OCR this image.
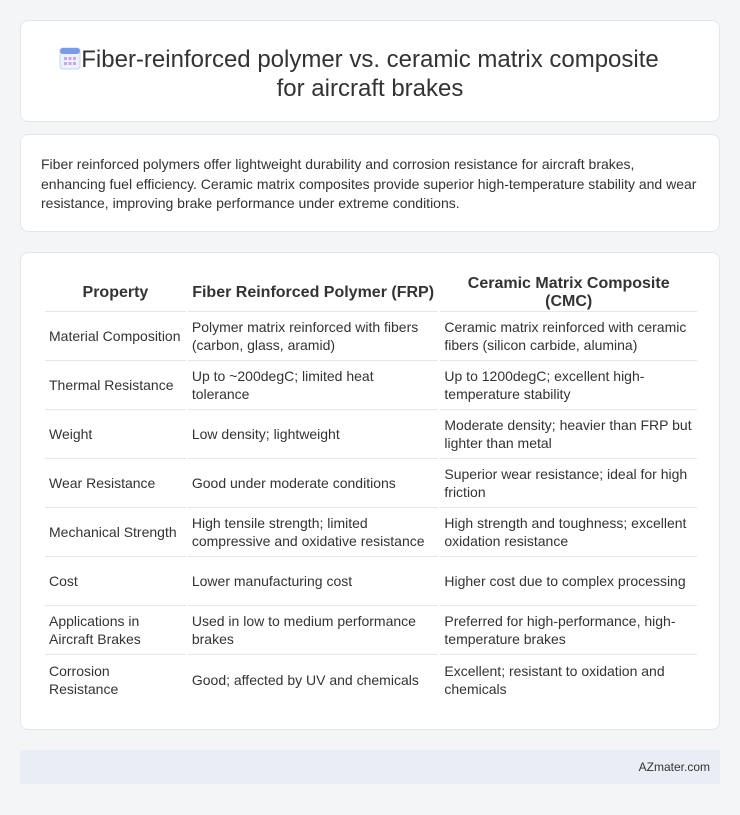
Fiber-reinforced polymer vs. ceramic matrix composite for aircraft brakes

Fiber reinforced polymers offer lightweight durability and corrosion resistance for aircraft brakes, enhancing fuel efficiency. Ceramic matrix composites provide superior high-temperature stability and wear resistance, improving brake performance under extreme conditions.

Property	Fiber Reinforced Polymer (FRP)	Ceramic Matrix Composite (CMC)
Material Composition	Polymer matrix reinforced with fibers (carbon, glass, aramid)	Ceramic matrix reinforced with ceramic fibers (silicon carbide, alumina)
Thermal Resistance	Up to ~200degC; limited heat tolerance	Up to 1200degC; excellent high-temperature stability
Weight	Low density; lightweight	Moderate density; heavier than FRP but lighter than metal
Wear Resistance	Good under moderate conditions	Superior wear resistance; ideal for high friction
Mechanical Strength	High tensile strength; limited compressive and oxidative resistance	High strength and toughness; excellent oxidation resistance
Cost	Lower manufacturing cost	Higher cost due to complex processing
Applications in Aircraft Brakes	Used in low to medium performance brakes	Preferred for high-performance, high-temperature brakes
Corrosion Resistance	Good; affected by UV and chemicals	Excellent; resistant to oxidation and chemicals
AZmater.com
